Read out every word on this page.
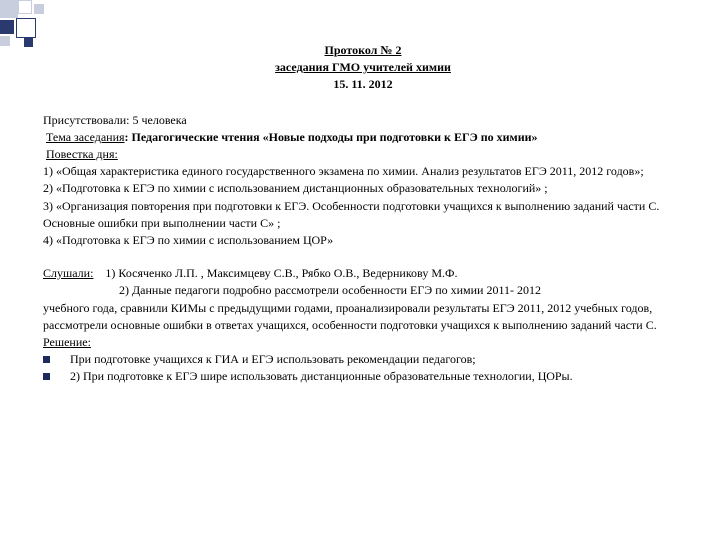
Протокол № 2

заседания ГМО учителей химии

15. 11. 2012

Присутствовали: 5 человека

Тема заседания: Педагогические чтения «Новые подходы при подготовки к ЕГЭ по химии»

Повестка дня:

1) «Общая характеристика единого государственного экзамена по химии. Анализ результатов ЕГЭ 2011, 2012 годов»;

2) «Подготовка к ЕГЭ по химии с использованием дистанционных образовательных технологий» ;

3) «Организация повторения при подготовки к ЕГЭ. Особенности подготовки учащихся к выполнению заданий части С. Основные ошибки при выполнении части С» ;

4) «Подготовка к ЕГЭ по химии с использованием ЦОР»

Слушали: 1) Косяченко Л.П. , Максимцеву С.В., Рябко О.В., Ведерникову М.Ф.

2) Данные педагоги подробно рассмотрели особенности ЕГЭ по химии 2011- 2012

учебного года, сравнили КИМы с предыдущими годами, проанализировали результаты ЕГЭ 2011, 2012 учебных годов, рассмотрели основные ошибки в ответах учащихся, особенности подготовки учащихся к выполнению заданий части С.

Решение:

При подготовке учащихся к ГИА и ЕГЭ использовать рекомендации педагогов;

2) При подготовке к ЕГЭ шире использовать дистанционные образовательные технологии, ЦОРы.
